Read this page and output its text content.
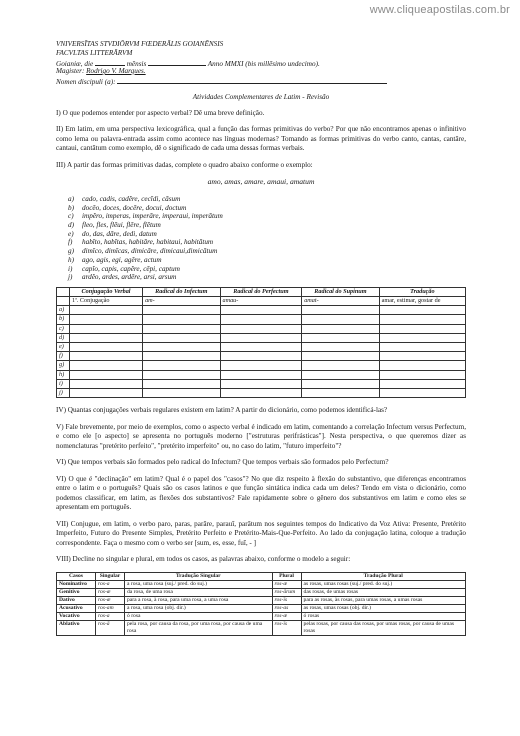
www.cliqueapostilas.com.br
VNIVERSĪTAS STVDIŌRVM FŒDERĀLIS GOIANĒNSIS
FACVLTAS LITTERĀRVM
Goianiæ, die	mēnsis	Anno MMXI (bis millēsimo undecimo).
Magister: Rodrigo V. Marques.
Nomen discipuli (a):
Atividades Complementares de Latim - Revisão

I) O que podemos entender por aspecto verbal? Dê uma breve definição.

II) Em latim, em uma perspectiva lexicográfica, qual a função das formas primitivas do verbo? Por que não encontramos apenas o infinitivo como lema ou palavra-entrada assim como acontece nas línguas modernas? Tomando as formas primitivas do verbo canto, cantas, cantāre, cantaui, cantātum como exemplo, dê o significado de cada uma dessas formas verbais.

III) A partir das formas primitivas dadas, complete o quadro abaixo conforme o exemplo:

amo, amas, amare, amaui, amatum
a) cado, cadis, cadĕre, cecĭdi, cāsum
b) docĕo, doces, docēre, docui, doctum
c) impĕro, imperas, imperāre, imperaui, imperātum
d) fleo, fles, flēui, flēre, flētum
e) do, das, dāre, dedi, datum
f) habĭto, habĭtas, habitāre, habitaui, habitātum
g) dimĭco, dimĭcas, dimicāre, dimicaui,dimicātum
h) ago, agis, egi, agĕre, actum
i) capĭo, capis, capĕre, cēpi, captum
j) ardĕo, ardes, ardēre, arsi, arsum
	Conjugação Verbal	Radical do Infectum	Radical do Perfectum	Radical do Supinum	Tradução
	1ª. Conjugação	am-	amau-	amat-	amar, estimar, gostar de
a)					
b)					
c)					
d)					
e)					
f)					
g)					
h)					
i)					
j)					

IV) Quantas conjugações verbais regulares existem em latim? A partir do dicionário, como podemos identificá-las?

V) Fale brevemente, por meio de exemplos, como o aspecto verbal é indicado em latim, comentando a correlação Infectum versus Perfectum, e como ele [o aspecto] se apresenta no português moderno ["estruturas perifrásticas"]. Nesta perspectiva, o que queremos dizer as nomenclaturas "pretérito perfeito", "pretérito imperfeito" ou, no caso do latim, "futuro imperfeito"?

VI) Que tempos verbais são formados pelo radical do Infectum? Que tempos verbais são formados pelo Perfectum?

VI) O que é "declinação" em latim? Qual é o papel dos "casos"? No que diz respeito à flexão do substantivo, que diferenças encontramos entre o latim e o português? Quais são os casos latinos e que função sintática indica cada um deles? Tendo em vista o dicionário, como podemos classificar, em latim, as flexões dos substantivos? Fale rapidamente sobre o gênero dos substantivos em latim e como eles se apresentam em português.

VII) Conjugue, em latim, o verbo paro, paras, parāre, parauī, parātum nos seguintes tempos do Indicativo da Voz Ativa: Presente, Pretérito Imperfeito, Futuro do Presente Simples, Pretérito Perfeito e Pretérito-Mais-Que-Perfeito. Ao lado da conjugação latina, coloque a tradução correspondente. Faça o mesmo com o verbo ser [sum, es, esse, fuī, - ]

VIII) Decline no singular e plural, em todos os casos, as palavras abaixo, conforme o modelo a seguir:

Casos	Singular	Tradução Singular	Plural	Tradução Plural
Nominativo	ros-a	a rosa, uma rosa (suj./ pred. do suj.)	ros-æ	as rosas, umas rosas (suj./ pred. do suj.)
Genitivo	ros-æ	da rosa, de uma rosa	ros-ārum	das rosas, de umas rosas
Dativo	ros-æ	para a rosa, à rosa, para uma rosa, a uma rosa	ros-īs	para as rosas, às rosas, para umas rosas, a umas rosas
Acusativo	ros-am	a rosa, uma rosa (obj. dir.)	ros-as	as rosas, umas rosas (obj. dir.)
Vocativo	ros-a	ó rosa	ros-æ	ó rosas
Ablativo	ros-ā	pela rosa, por causa da rosa, por uma rosa, por causa de uma rosa	ros-īs	pelas rosas, por causa das rosas, por umas rosas, por causa de umas rosas
